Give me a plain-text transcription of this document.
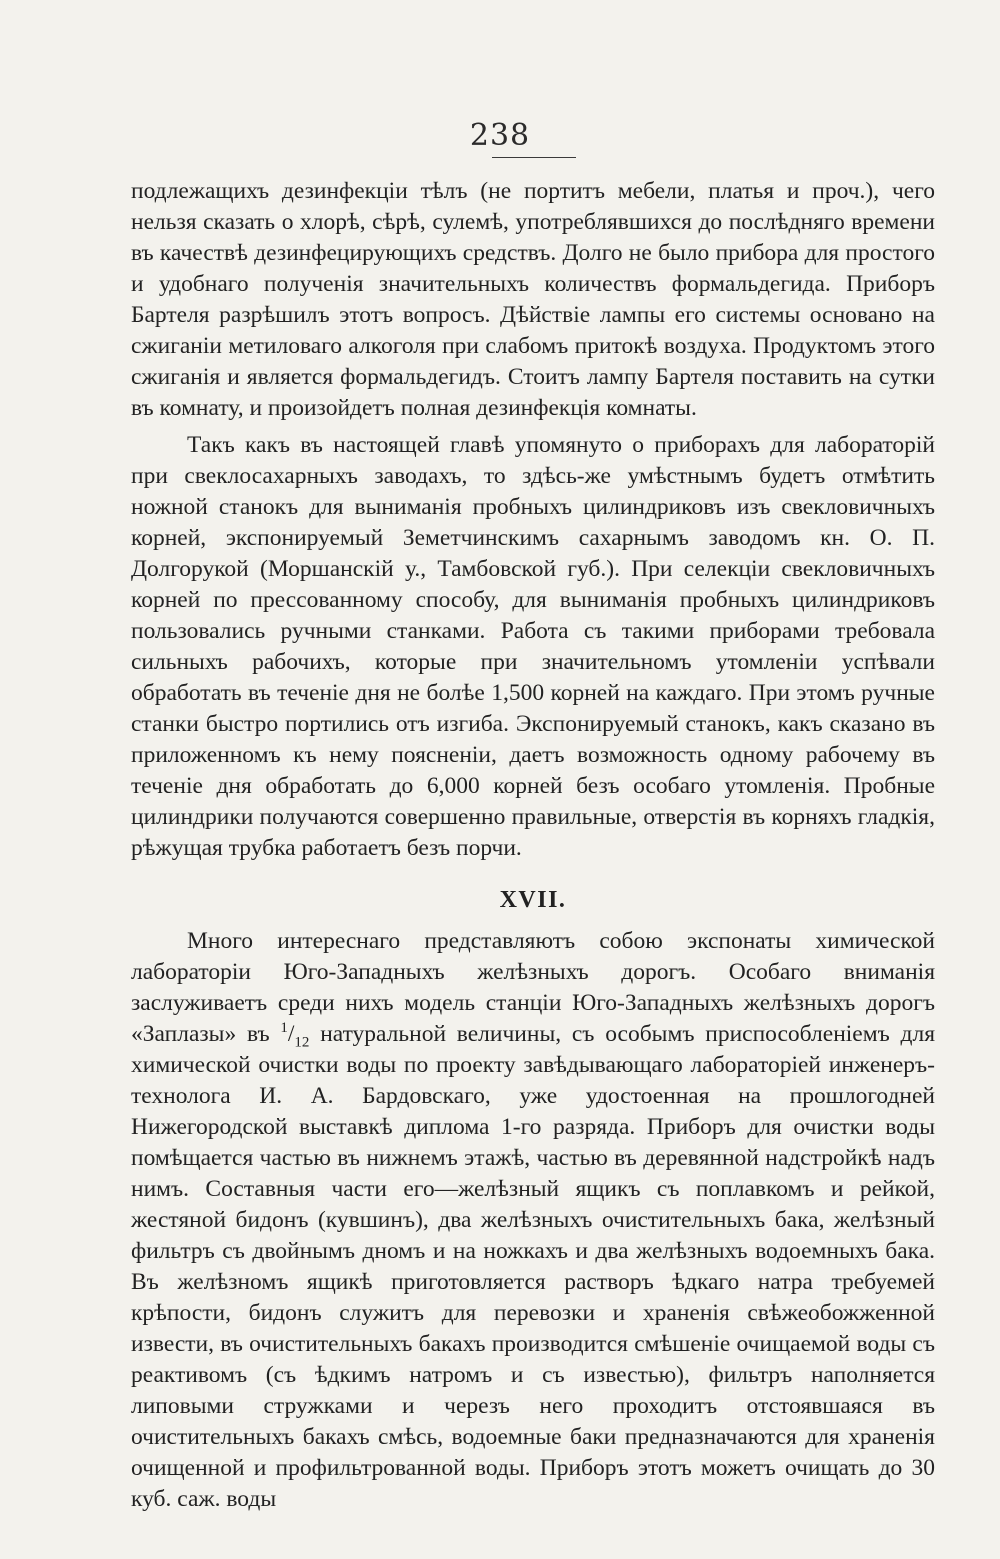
238

подлежащихъ дезинфекціи тѣлъ (не портитъ мебели, платья и проч.), чего нельзя сказать о хлорѣ, сѣрѣ, сулемѣ, употреблявшихся до послѣдняго времени въ качествѣ дезинфецирующихъ средствъ. Долго не было прибора для простого и удобнаго полученія значительныхъ количествъ формальдегида. Приборъ Бартеля разрѣшилъ этотъ вопросъ. Дѣйствіе лампы его системы основано на сжиганіи метиловаго алкоголя при слабомъ притокѣ воздуха. Продуктомъ этого сжиганія и является формальдегидъ. Стоитъ лампу Бартеля поставить на сутки въ комнату, и произойдетъ полная дезинфекція комнаты.

Такъ какъ въ настоящей главѣ упомянуто о приборахъ для лабораторій при свеклосахарныхъ заводахъ, то здѣсь-же умѣстнымъ будетъ отмѣтить ножной станокъ для выниманія пробныхъ цилиндриковъ изъ свекловичныхъ корней, экспонируемый Земетчинскимъ сахарнымъ заводомъ кн. О. П. Долгорукой (Моршанскій у., Тамбовской губ.). При селекціи свекловичныхъ корней по прессованному способу, для выниманія пробныхъ цилиндриковъ пользовались ручными станками. Работа съ такими приборами требовала сильныхъ рабочихъ, которые при значительномъ утомленіи успѣвали обработать въ теченіе дня не болѣе 1,500 корней на каждаго. При этомъ ручные станки быстро портились отъ изгиба. Экспонируемый станокъ, какъ сказано въ приложенномъ къ нему поясненіи, даетъ возможность одному рабочему въ теченіе дня обработать до 6,000 корней безъ особаго утомленія. Пробные цилиндрики получаются совершенно правильные, отверстія въ корняхъ гладкія, рѣжущая трубка работаетъ безъ порчи.

XVII.

Много интереснаго представляютъ собою экспонаты химической лабораторіи Юго-Западныхъ желѣзныхъ дорогъ. Особаго вниманія заслуживаетъ среди нихъ модель станціи Юго-Западныхъ желѣзныхъ дорогъ «Заплазы» въ $^1/_{12}$ натуральной величины, съ особымъ приспособленіемъ для химической очистки воды по проекту завѣдывающаго лабораторіей инженеръ-технолога И. А. Бардовскаго, уже удостоенная на прошлогодней Нижегородской выставкѣ диплома 1-го разряда. Приборъ для очистки воды помѣщается частью въ нижнемъ этажѣ, частью въ деревянной надстройкѣ надъ нимъ. Составныя части его—желѣзный ящикъ съ поплавкомъ и рейкой, жестяной бидонъ (кувшинъ), два желѣзныхъ очистительныхъ бака, желѣзный фильтръ съ двойнымъ дномъ и на ножкахъ и два желѣзныхъ водоемныхъ бака. Въ желѣзномъ ящикѣ приготовляется растворъ ѣдкаго натра требуемей крѣпости, бидонъ служитъ для перевозки и храненія свѣжеобожженной извести, въ очистительныхъ бакахъ производится смѣшеніе очищаемой воды съ реактивомъ (съ ѣдкимъ натромъ и съ известью), фильтръ наполняется липовыми стружками и черезъ него проходитъ отстоявшаяся въ очистительныхъ бакахъ смѣсь, водоемные баки предназначаются для храненія очищенной и профильтрованной воды. Приборъ этотъ можетъ очищать до 30 куб. саж. воды
